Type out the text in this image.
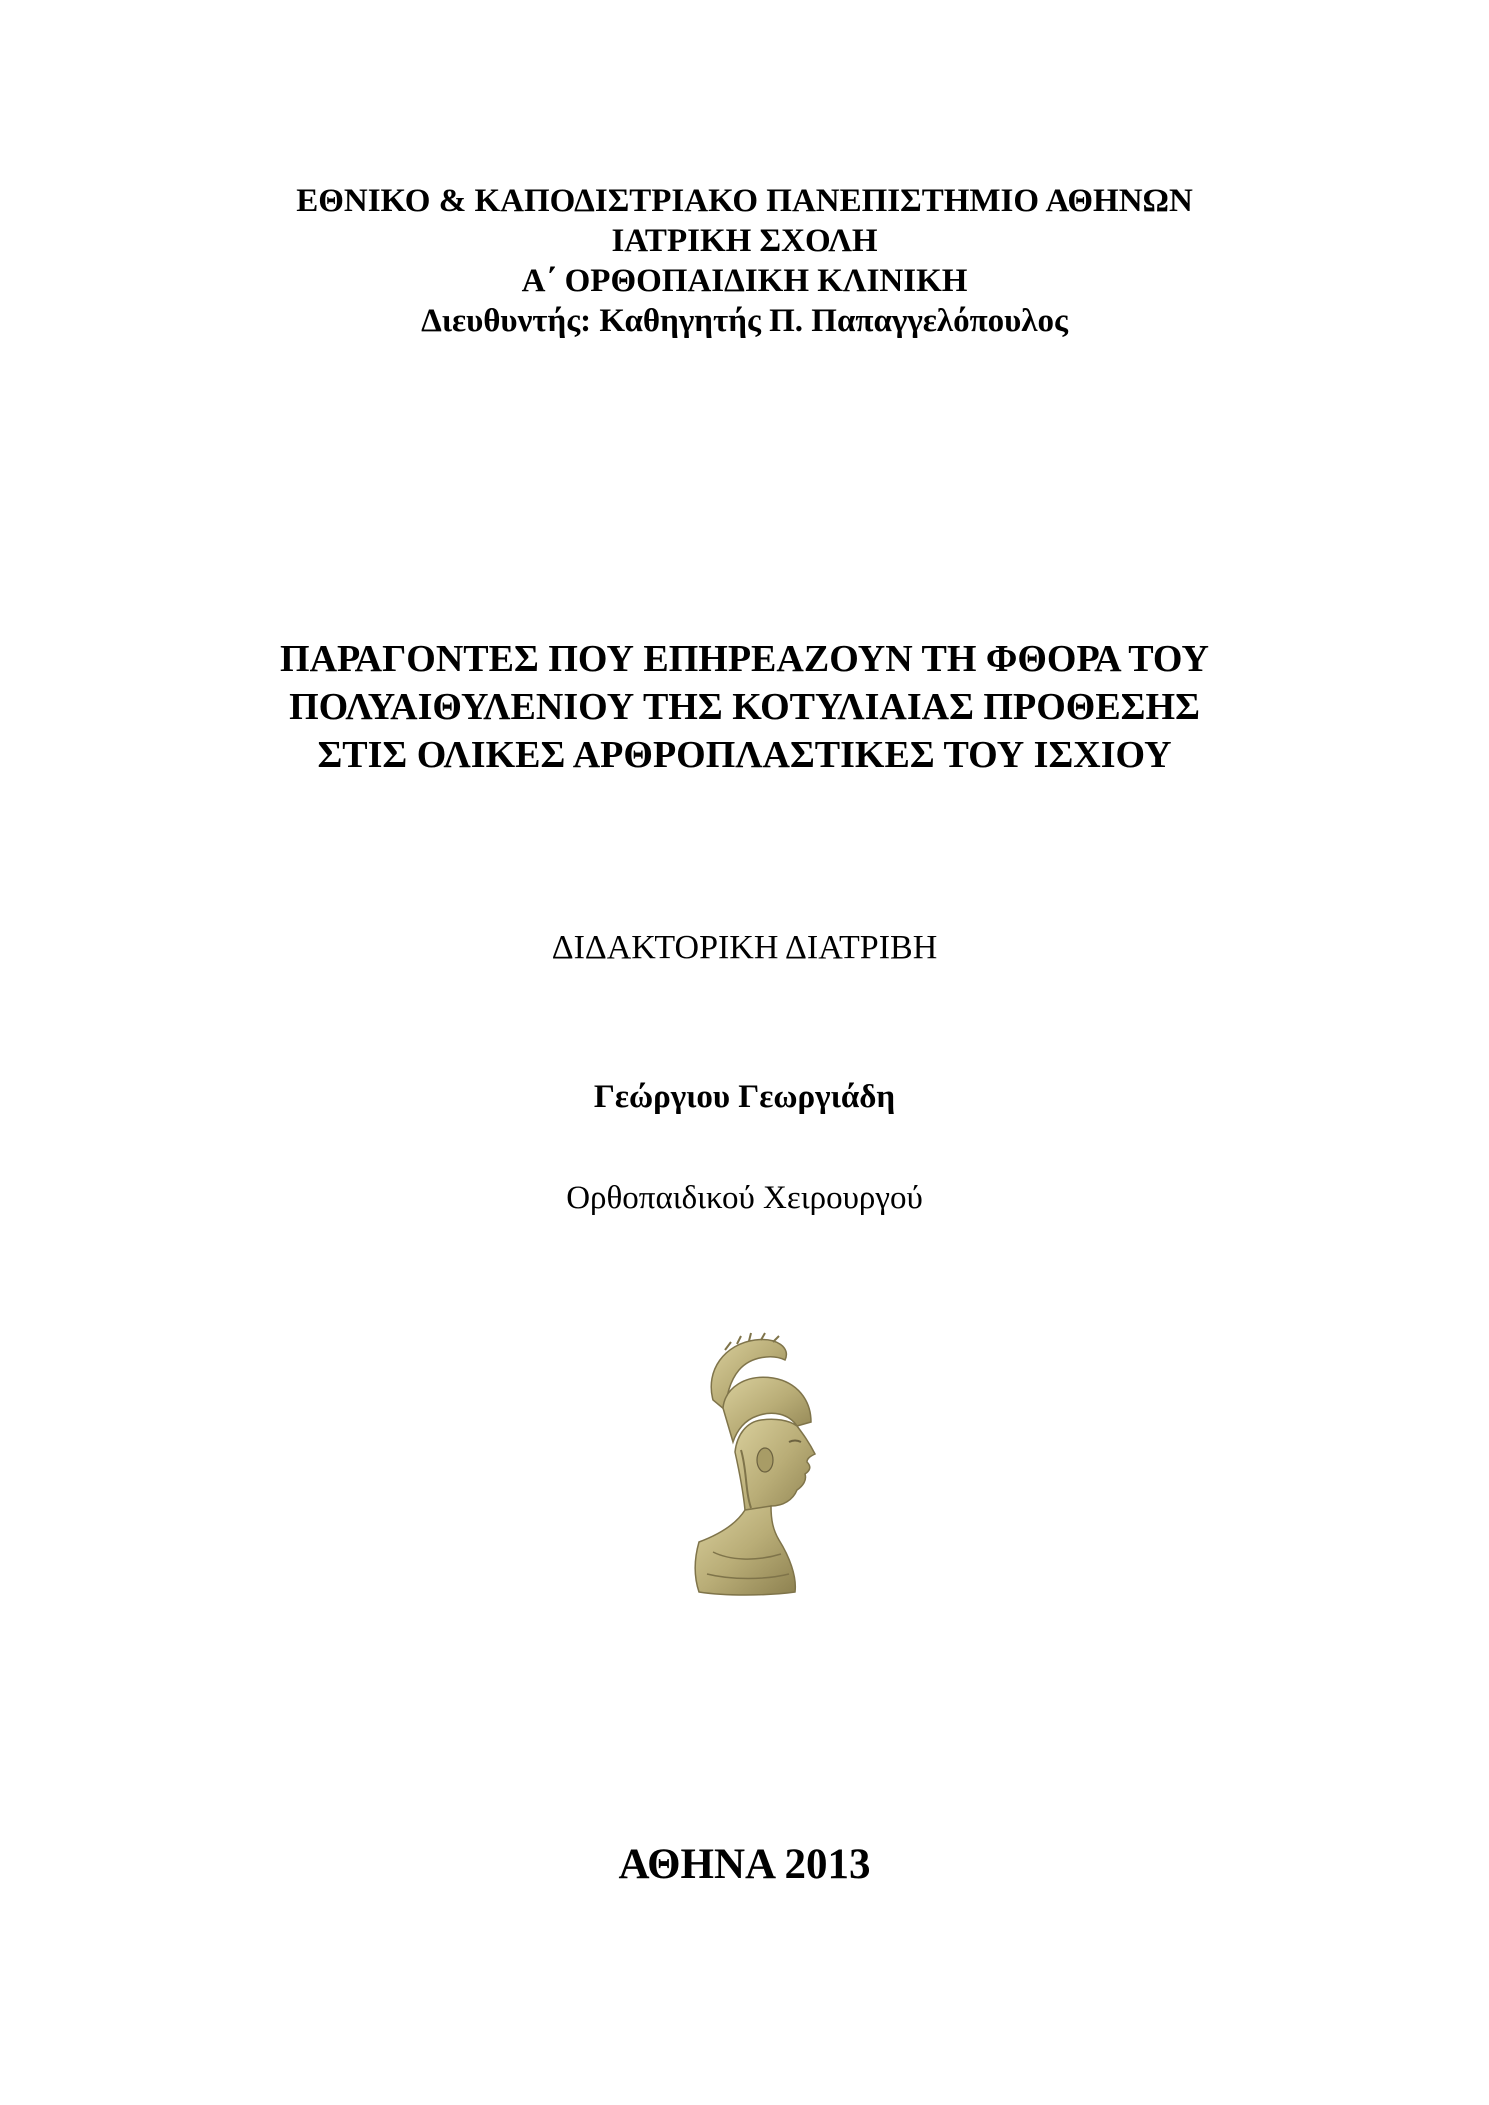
ΕΘΝΙΚΟ & ΚΑΠΟΔΙΣΤΡΙΑΚΟ ΠΑΝΕΠΙΣΤΗΜΙΟ ΑΘΗΝΩΝ
ΙΑΤΡΙΚΗ ΣΧΟΛΗ
Α΄ ΟΡΘΟΠΑΙΔΙΚΗ ΚΛΙΝΙΚΗ
Διευθυντής: Καθηγητής Π. Παπαγγελόπουλος
ΠΑΡΑΓΟΝΤΕΣ ΠΟΥ ΕΠΗΡΕΑΖΟΥΝ ΤΗ ΦΘΟΡΑ ΤΟΥ
ΠΟΛΥΑΙΘΥΛΕΝΙΟΥ ΤΗΣ ΚΟΤΥΛΙΑΙΑΣ ΠΡΟΘΕΣΗΣ
ΣΤΙΣ ΟΛΙΚΕΣ ΑΡΘΡΟΠΛΑΣΤΙΚΕΣ ΤΟΥ ΙΣΧΙΟΥ
ΔΙΔΑΚΤΟΡΙΚΗ ΔΙΑΤΡΙΒΗ
Γεώργιου Γεωργιάδη
Ορθοπαιδικού Χειρουργού
ΑΘΗΝΑ 2013
